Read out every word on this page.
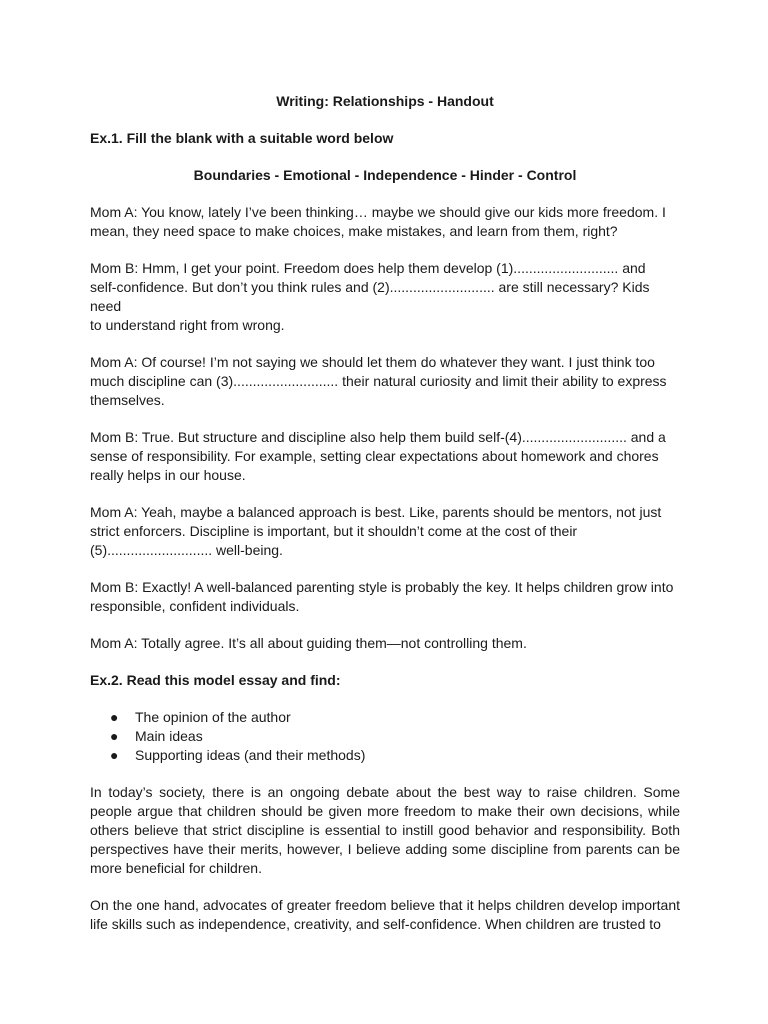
Writing: Relationships - Handout
Ex.1. Fill the blank with a suitable word below
Boundaries - Emotional - Independence - Hinder - Control
Mom A: You know, lately I’ve been thinking… maybe we should give our kids more freedom. I
mean, they need space to make choices, make mistakes, and learn from them, right?
Mom B: Hmm, I get your point. Freedom does help them develop (1)........................... and
self-confidence. But don’t you think rules and (2)........................... are still necessary? Kids need
to understand right from wrong.
Mom A: Of course! I’m not saying we should let them do whatever they want. I just think too
much discipline can (3)........................... their natural curiosity and limit their ability to express
themselves.
Mom B: True. But structure and discipline also help them build self-(4)........................... and a
sense of responsibility. For example, setting clear expectations about homework and chores
really helps in our house.
Mom A: Yeah, maybe a balanced approach is best. Like, parents should be mentors, not just
strict enforcers. Discipline is important, but it shouldn’t come at the cost of their
(5)........................... well-being.
Mom B: Exactly! A well-balanced parenting style is probably the key. It helps children grow into
responsible, confident individuals.
Mom A: Totally agree. It’s all about guiding them—not controlling them.
Ex.2. Read this model essay and find:
● The opinion of the author
● Main ideas
● Supporting ideas (and their methods)
In today’s society, there is an ongoing debate about the best way to raise children. Some people argue that children should be given more freedom to make their own decisions, while others believe that strict discipline is essential to instill good behavior and responsibility. Both perspectives have their merits, however, I believe adding some discipline from parents can be more beneficial for children.
On the one hand, advocates of greater freedom believe that it helps children develop important life skills such as independence, creativity, and self-confidence. When children are trusted to
